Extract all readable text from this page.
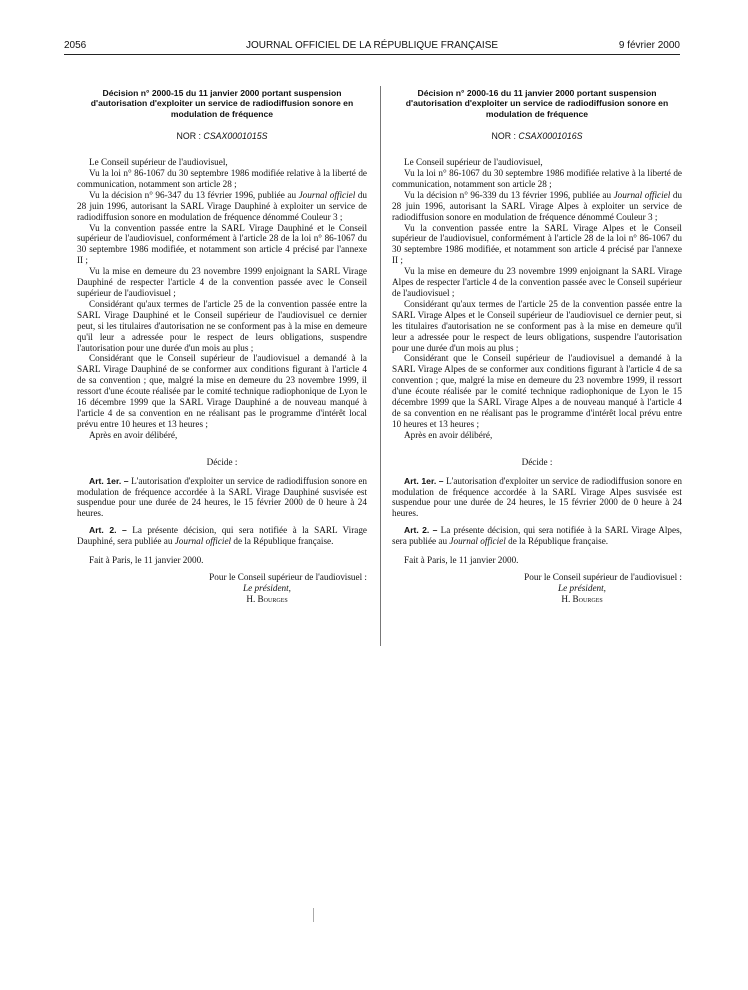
2056	JOURNAL OFFICIEL DE LA RÉPUBLIQUE FRANÇAISE	9 février 2000

Décision n° 2000-15 du 11 janvier 2000 portant suspension d'autorisation d'exploiter un service de radiodiffusion sonore en modulation de fréquence

NOR : CSAX0001015S

Le Conseil supérieur de l'audiovisuel,

Vu la loi n° 86-1067 du 30 septembre 1986 modifiée relative à la liberté de communication, notamment son article 28 ;

Vu la décision n° 96-347 du 13 février 1996, publiée au Journal officiel du 28 juin 1996, autorisant la SARL Virage Dauphiné à exploiter un service de radiodiffusion sonore en modulation de fréquence dénommé Couleur 3 ;

Vu la convention passée entre la SARL Virage Dauphiné et le Conseil supérieur de l'audiovisuel, conformément à l'article 28 de la loi n° 86-1067 du 30 septembre 1986 modifiée, et notamment son article 4 précisé par l'annexe II ;

Vu la mise en demeure du 23 novembre 1999 enjoignant la SARL Virage Dauphiné de respecter l'article 4 de la convention passée avec le Conseil supérieur de l'audiovisuel ;

Considérant qu'aux termes de l'article 25 de la convention passée entre la SARL Virage Dauphiné et le Conseil supérieur de l'audiovisuel ce dernier peut, si les titulaires d'autorisation ne se conforment pas à la mise en demeure qu'il leur a adressée pour le respect de leurs obligations, suspendre l'autorisation pour une durée d'un mois au plus ;

Considérant que le Conseil supérieur de l'audiovisuel a demandé à la SARL Virage Dauphiné de se conformer aux conditions figurant à l'article 4 de sa convention ; que, malgré la mise en demeure du 23 novembre 1999, il ressort d'une écoute réalisée par le comité technique radiophonique de Lyon le 16 décembre 1999 que la SARL Virage Dauphiné a de nouveau manqué à l'article 4 de sa convention en ne réalisant pas le programme d'intérêt local prévu entre 10 heures et 13 heures ;

Après en avoir délibéré,

Décide :

Art. 1er. – L'autorisation d'exploiter un service de radiodiffusion sonore en modulation de fréquence accordée à la SARL Virage Dauphiné susvisée est suspendue pour une durée de 24 heures, le 15 février 2000 de 0 heure à 24 heures.

Art. 2. – La présente décision, qui sera notifiée à la SARL Virage Dauphiné, sera publiée au Journal officiel de la République française.

Fait à Paris, le 11 janvier 2000.

Pour le Conseil supérieur de l'audiovisuel :
Le président,
H. Bourges

Décision n° 2000-16 du 11 janvier 2000 portant suspension d'autorisation d'exploiter un service de radiodiffusion sonore en modulation de fréquence

NOR : CSAX0001016S

Le Conseil supérieur de l'audiovisuel,

Vu la loi n° 86-1067 du 30 septembre 1986 modifiée relative à la liberté de communication, notamment son article 28 ;

Vu la décision n° 96-339 du 13 février 1996, publiée au Journal officiel du 28 juin 1996, autorisant la SARL Virage Alpes à exploiter un service de radiodiffusion sonore en modulation de fréquence dénommé Couleur 3 ;

Vu la convention passée entre la SARL Virage Alpes et le Conseil supérieur de l'audiovisuel, conformément à l'article 28 de la loi n° 86-1067 du 30 septembre 1986 modifiée, et notamment son article 4 précisé par l'annexe II ;

Vu la mise en demeure du 23 novembre 1999 enjoignant la SARL Virage Alpes de respecter l'article 4 de la convention passée avec le Conseil supérieur de l'audiovisuel ;

Considérant qu'aux termes de l'article 25 de la convention passée entre la SARL Virage Alpes et le Conseil supérieur de l'audiovisuel ce dernier peut, si les titulaires d'autorisation ne se conforment pas à la mise en demeure qu'il leur a adressée pour le respect de leurs obligations, suspendre l'autorisation pour une durée d'un mois au plus ;

Considérant que le Conseil supérieur de l'audiovisuel a demandé à la SARL Virage Alpes de se conformer aux conditions figurant à l'article 4 de sa convention ; que, malgré la mise en demeure du 23 novembre 1999, il ressort d'une écoute réalisée par le comité technique radiophonique de Lyon le 15 décembre 1999 que la SARL Virage Alpes a de nouveau manqué à l'article 4 de sa convention en ne réalisant pas le programme d'intérêt local prévu entre 10 heures et 13 heures ;

Après en avoir délibéré,

Décide :

Art. 1er. – L'autorisation d'exploiter un service de radiodiffusion sonore en modulation de fréquence accordée à la SARL Virage Alpes susvisée est suspendue pour une durée de 24 heures, le 15 février 2000 de 0 heure à 24 heures.

Art. 2. – La présente décision, qui sera notifiée à la SARL Virage Alpes, sera publiée au Journal officiel de la République française.

Fait à Paris, le 11 janvier 2000.

Pour le Conseil supérieur de l'audiovisuel :
Le président,
H. Bourges
